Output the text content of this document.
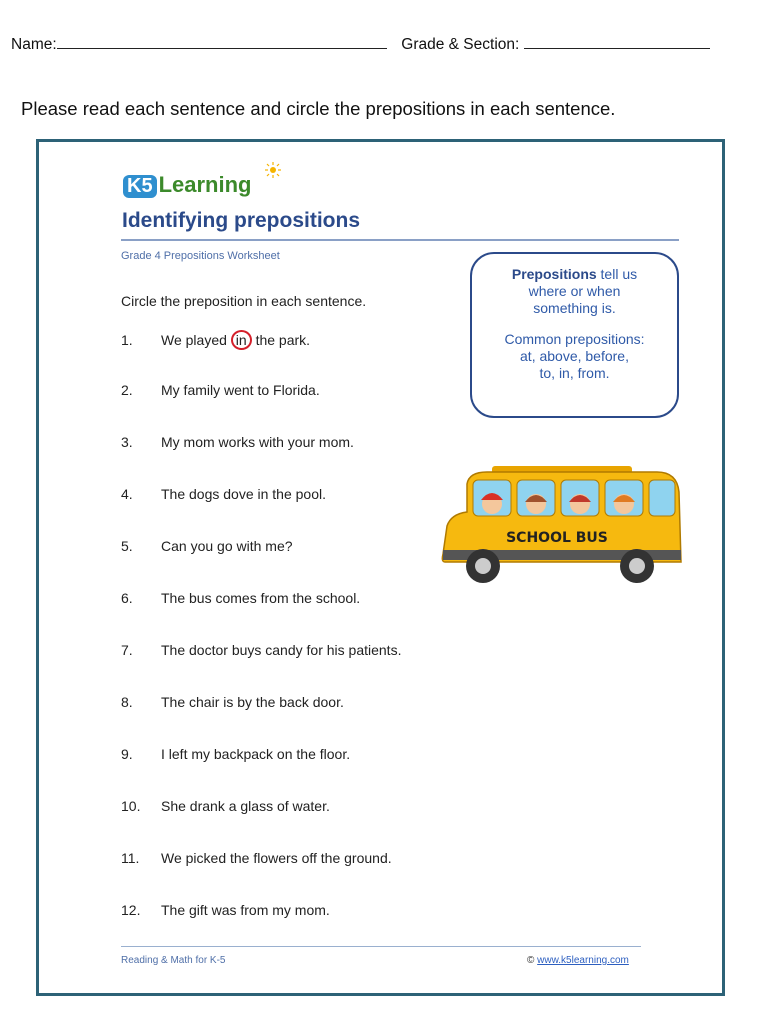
Name:	Grade & Section:
Please read each sentence and circle the prepositions in each sentence.
K5 Learning
Identifying prepositions
Grade 4 Prepositions Worksheet
Circle the preposition in each sentence.
Prepositions tell us
where or when
something is.
Common prepositions:
at, above, before,
to, in, from.
1. We played in the park.
2. My family went to Florida.
3. My mom works with your mom.
4. The dogs dove in the pool.
5. Can you go with me?
6. The bus comes from the school.
7. The doctor buys candy for his patients.
8. The chair is by the back door.
9. I left my backpack on the floor.
10. She drank a glass of water.
11. We picked the flowers off the ground.
12. The gift was from my mom.
SCHOOL BUS
Reading & Math for K-5	© www.k5learning.com
